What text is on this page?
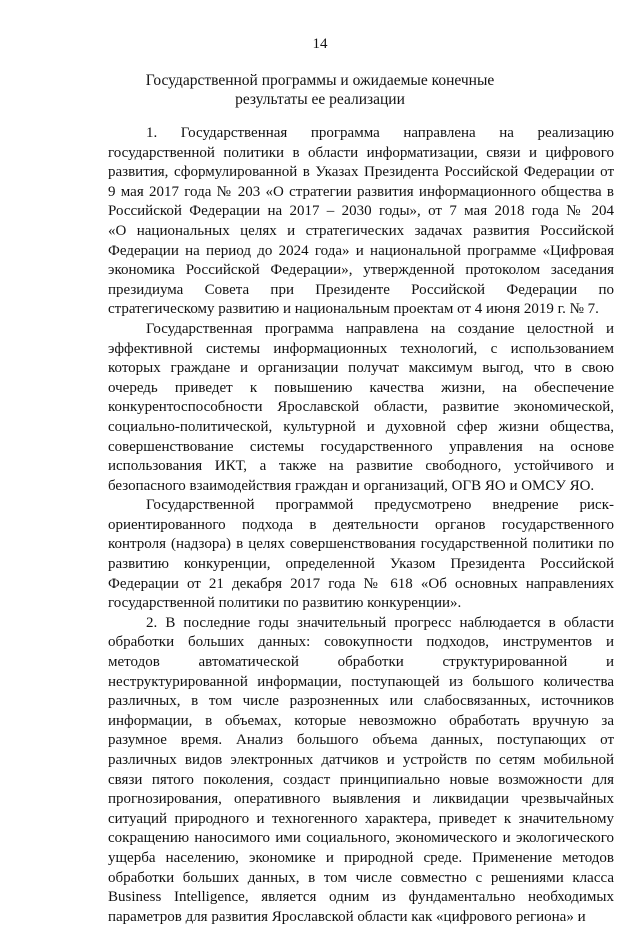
14
Государственной программы и ожидаемые конечные
результаты ее реализации
1. Государственная программа направлена на реализацию
государственной политики в области информатизации, связи и цифрового
развития, сформулированной в Указах Президента Российской Федерации от
9 мая 2017 года № 203 «О стратегии развития информационного общества в
Российской Федерации на 2017 – 2030 годы», от 7 мая 2018 года № 204
«О национальных целях и стратегических задачах развития Российской
Федерации на период до 2024 года» и национальной программе «Цифровая
экономика Российской Федерации», утвержденной протоколом заседания
президиума Совета при Президенте Российской Федерации по
стратегическому развитию и национальным проектам от 4 июня 2019 г. № 7.
Государственная программа направлена на создание целостной и
эффективной системы информационных технологий, с использованием
которых граждане и организации получат максимум выгод, что в свою
очередь приведет к повышению качества жизни, на обеспечение
конкурентоспособности Ярославской области, развитие экономической,
социально-политической, культурной и духовной сфер жизни общества,
совершенствование системы государственного управления на основе
использования ИКТ, а также на развитие свободного, устойчивого и
безопасного взаимодействия граждан и организаций, ОГВ ЯО и ОМСУ ЯО.
Государственной программой предусмотрено внедрение риск-
ориентированного подхода в деятельности органов государственного
контроля (надзора) в целях совершенствования государственной политики по
развитию конкуренции, определенной Указом Президента Российской
Федерации от 21 декабря 2017 года № 618 «Об основных направлениях
государственной политики по развитию конкуренции».
2. В последние годы значительный прогресс наблюдается в области
обработки больших данных: совокупности подходов, инструментов и
методов автоматической обработки структурированной и
неструктурированной информации, поступающей из большого количества
различных, в том числе разрозненных или слабосвязанных, источников
информации, в объемах, которые невозможно обработать вручную за
разумное время. Анализ большого объема данных, поступающих от
различных видов электронных датчиков и устройств по сетям мобильной
связи пятого поколения, создаст принципиально новые возможности для
прогнозирования, оперативного выявления и ликвидации чрезвычайных
ситуаций природного и техногенного характера, приведет к значительному
сокращению наносимого ими социального, экономического и экологического
ущерба населению, экономике и природной среде. Применение методов
обработки больших данных, в том числе совместно с решениями класса
Business Intelligence, является одним из фундаментально необходимых
параметров для развития Ярославской области как «цифрового региона» и
